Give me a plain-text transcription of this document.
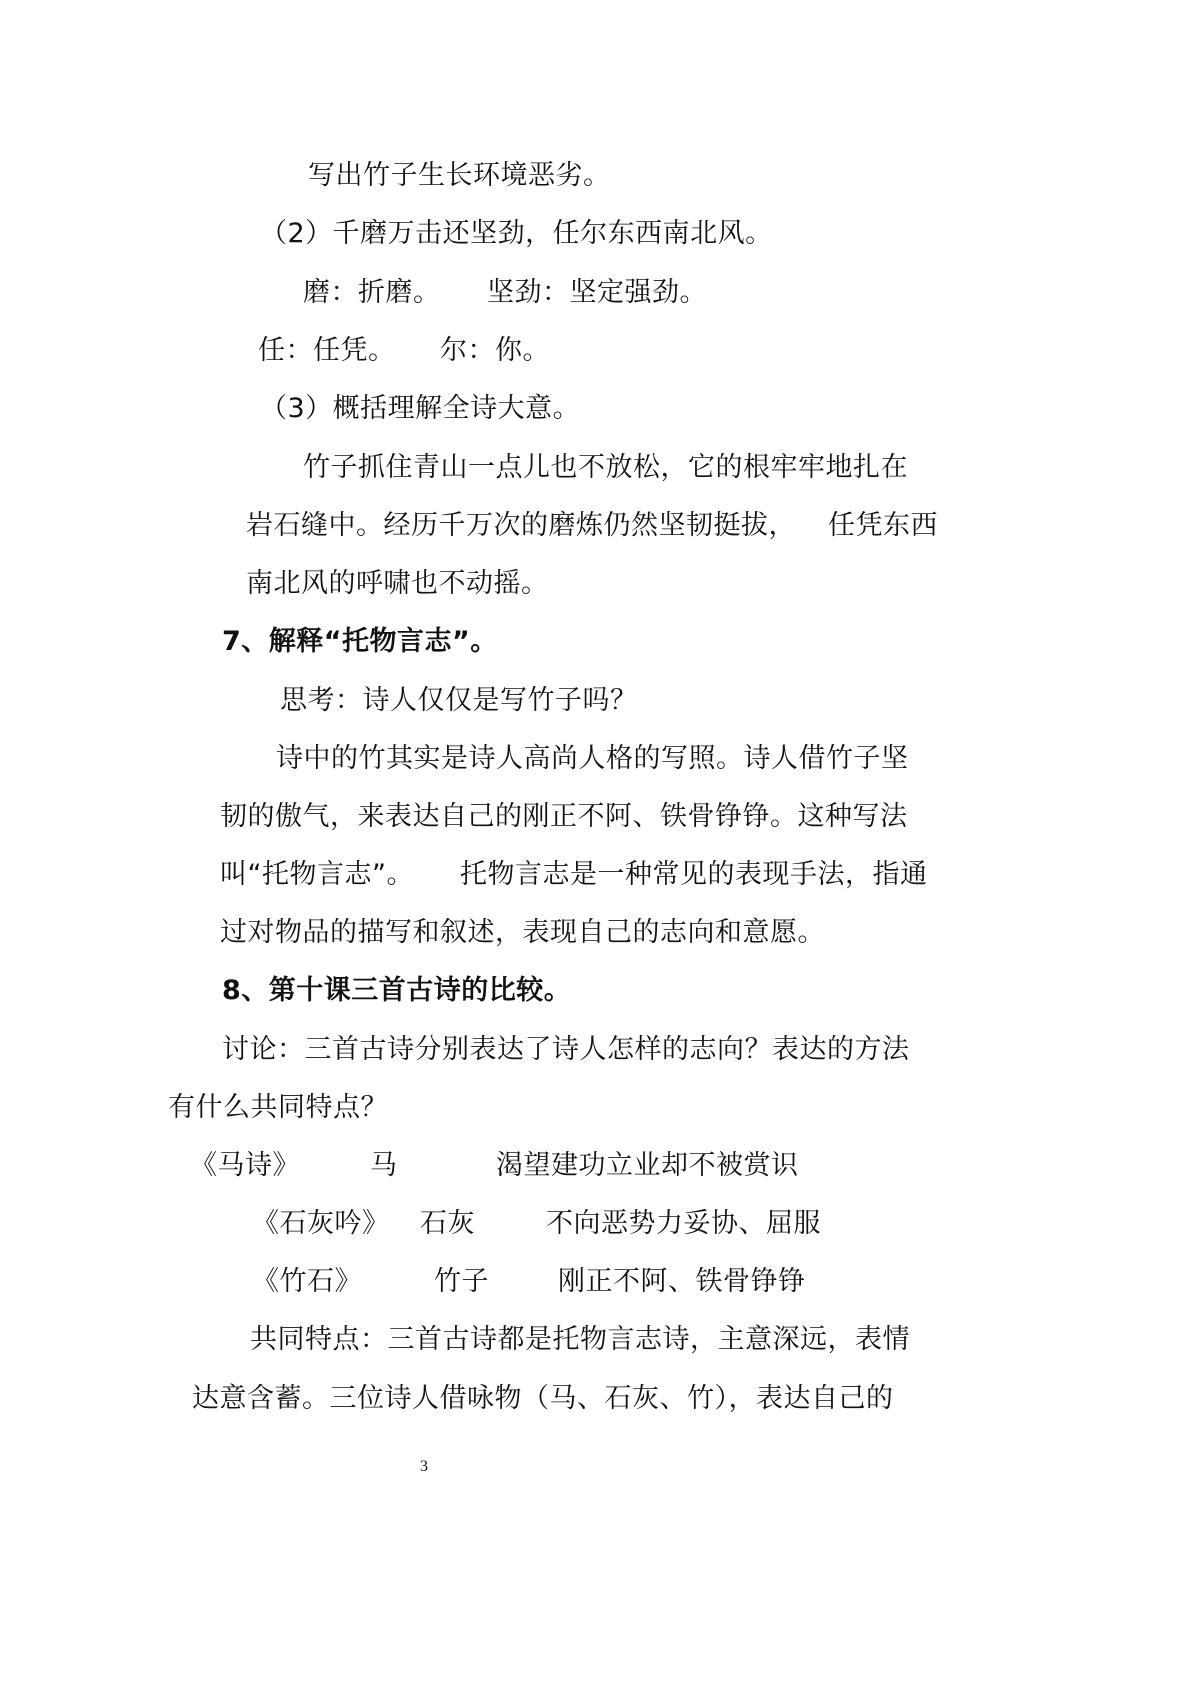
写出竹子生长环境恶劣。
（2）千磨万击还坚劲，任尔东西南北风。
磨：折磨。 坚劲：坚定强劲。
任：任凭。 尔：你。
（3）概括理解全诗大意。
竹子抓住青山一点儿也不放松，它的根牢牢地扎在
岩石缝中。经历千万次的磨炼仍然坚韧挺拔， 任凭东西
南北风的呼啸也不动摇。
7、解释“托物言志”。
思考：诗人仅仅是写竹子吗？
诗中的竹其实是诗人高尚人格的写照。诗人借竹子坚
韧的傲气，来表达自己的刚正不阿、铁骨铮铮。这种写法
叫“托物言志”。 托物言志是一种常见的表现手法，指通
过对物品的描写和叙述，表现自己的志向和意愿。
8、第十课三首古诗的比较。
讨论：三首古诗分别表达了诗人怎样的志向？表达的方法
有什么共同特点？
《马诗》	马	渴望建功立业却不被赏识
《石灰吟》 石灰	不向恶势力妥协、屈服
《竹石》	竹子	刚正不阿、铁骨铮铮
共同特点：三首古诗都是托物言志诗，主意深远，表情
达意含蓄。三位诗人借咏物（马、石灰、竹），表达自己的
3
